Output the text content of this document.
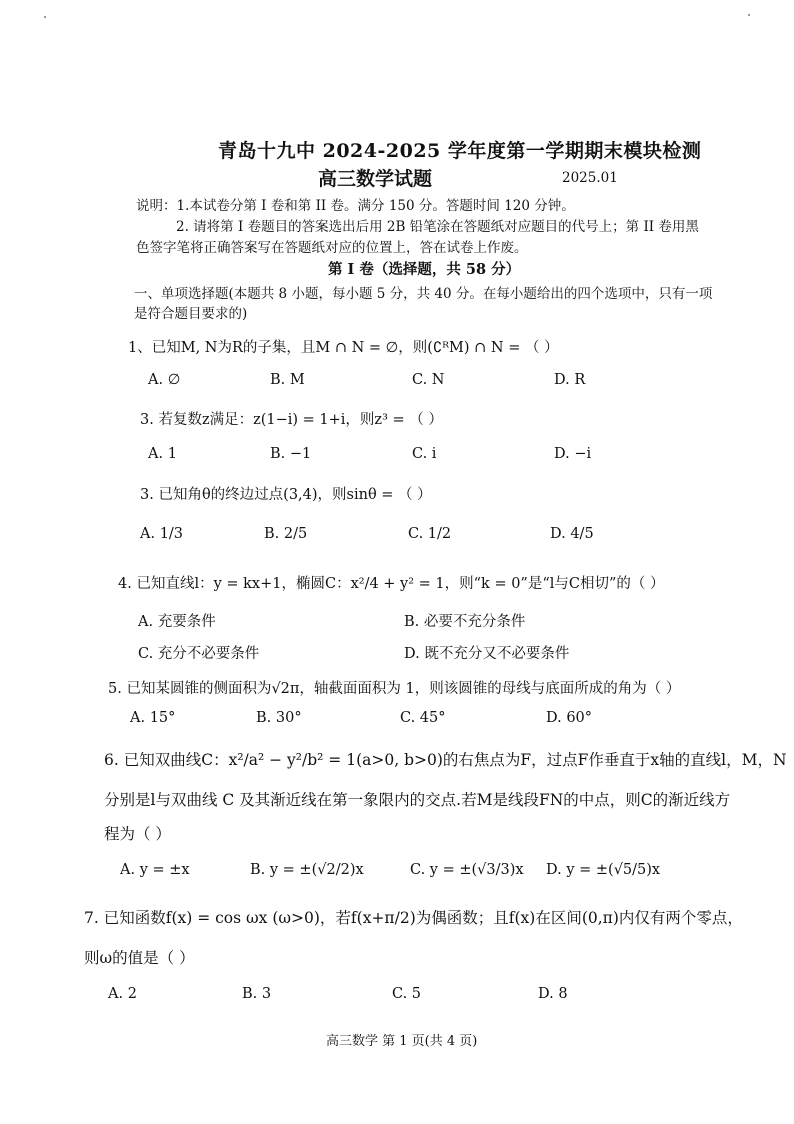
青岛十九中 2024-2025 学年度第一学期期末模块检测
高三数学试题	2025.01
说明：1.本试卷分第 I 卷和第 II 卷。满分 150 分。答题时间 120 分钟。
2. 请将第 I 卷题目的答案选出后用 2B 铅笔涂在答题纸对应题目的代号上；第 II 卷用黑
色签字笔将正确答案写在答题纸对应的位置上，答在试卷上作废。
第 I 卷（选择题，共 58 分）
一、单项选择题(本题共 8 小题，每小题 5 分，共 40 分。在每小题给出的四个选项中，只有一项
是符合题目要求的)
1、已知M, N为R的子集，且M ∩ N = ∅，则(∁ᴿM) ∩ N = （ ）
A. ∅	B. M	C. N	D. R
3. 若复数z满足：z(1−i) = 1+i，则z³ = （ ）
A. 1	B. −1	C. i	D. −i
3. 已知角θ的终边过点(3,4)，则sinθ = （ ）
A. 1/3	B. 2/5	C. 1/2	D. 4/5
4. 已知直线l：y = kx+1，椭圆C：x²/4 + y² = 1，则“k = 0”是“l与C相切”的（ ）
A. 充要条件	B. 必要不充分条件
C. 充分不必要条件	D. 既不充分又不必要条件
5. 已知某圆锥的侧面积为√2π，轴截面面积为 1，则该圆锥的母线与底面所成的角为（ ）
A. 15°	B. 30°	C. 45°	D. 60°
6. 已知双曲线C：x²/a² − y²/b² = 1(a>0, b>0)的右焦点为F，过点F作垂直于x轴的直线l，M，N
分别是l与双曲线 C 及其渐近线在第一象限内的交点.若M是线段FN的中点，则C的渐近线方
程为（ ）
A. y = ±x	B. y = ±(√2/2)x	C. y = ±(√3/3)x D. y = ±(√5/5)x
7. 已知函数f(x) = cos ωx (ω>0)，若f(x+π/2)为偶函数；且f(x)在区间(0,π)内仅有两个零点，
则ω的值是（ ）
A. 2	B. 3	C. 5	D. 8
高三数学 第 1 页(共 4 页)
